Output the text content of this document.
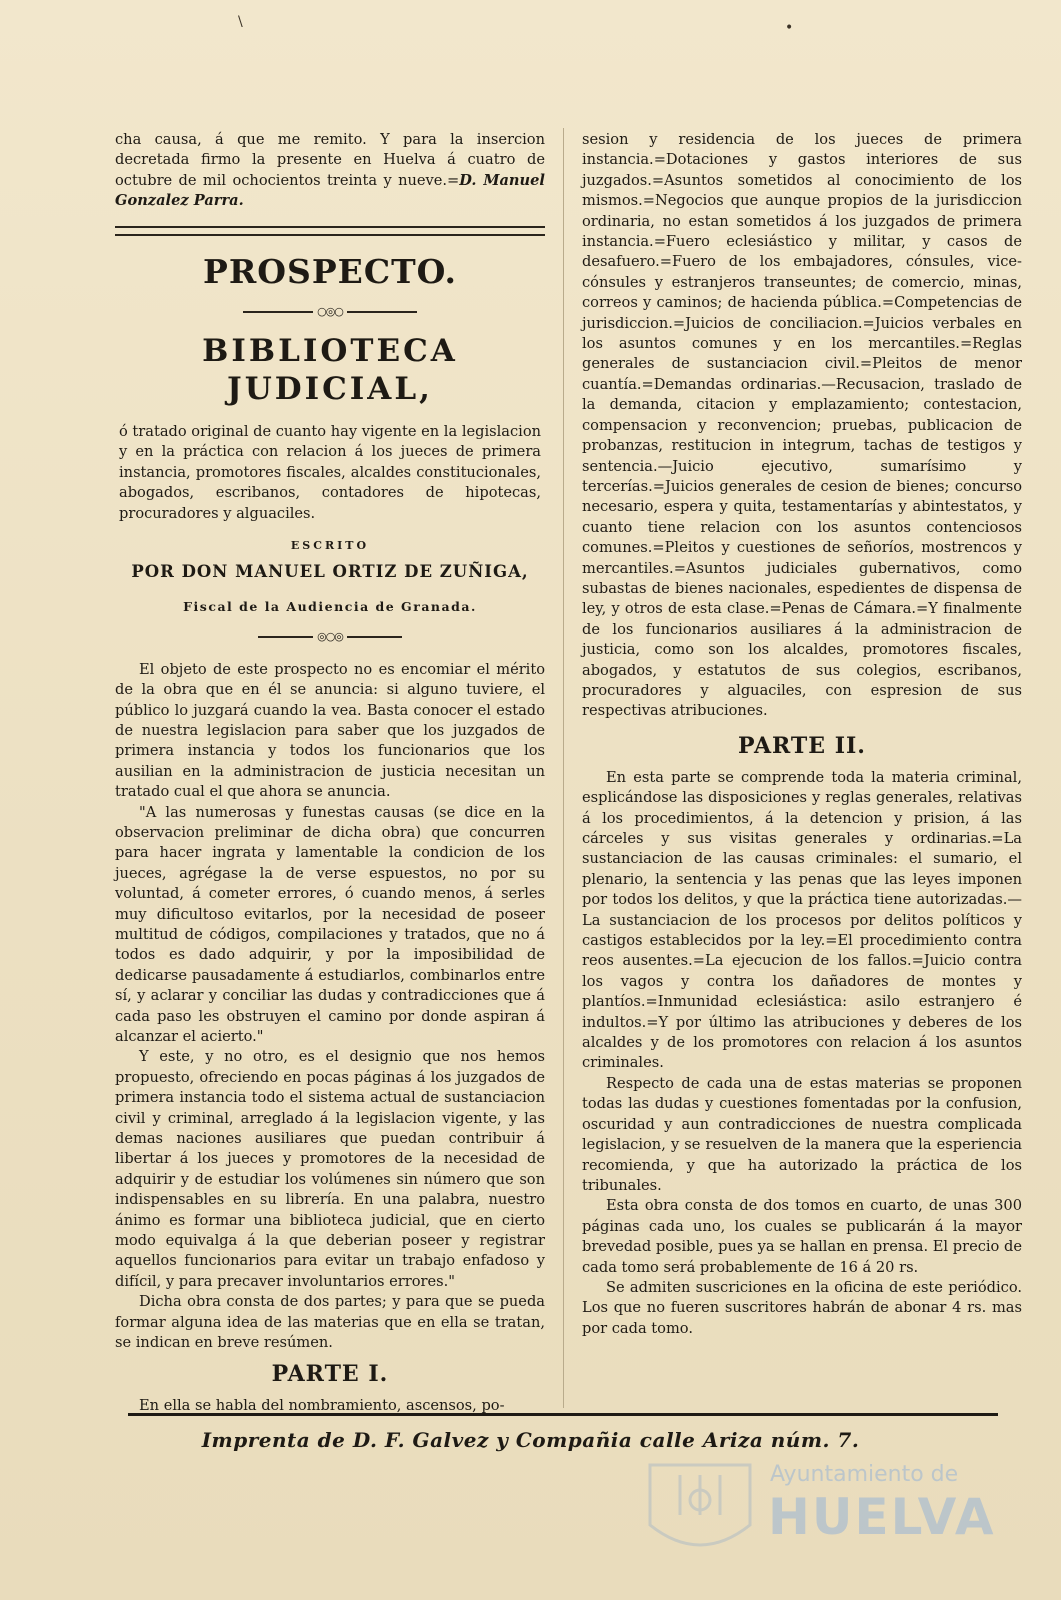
\	•

cha causa, á que me remito. Y para la insercion decretada firmo la presente en Huelva á cuatro de octubre de mil ochocientos treinta y nueve.=D. Manuel Gonzalez Parra.

PROSPECTO.
○◎○
BIBLIOTECA JUDICIAL,

ó tratado original de cuanto hay vigente en la legislacion y en la práctica con relacion á los jueces de primera instancia, promotores fiscales, alcaldes constitucionales, abogados, escribanos, contadores de hipotecas, procuradores y alguaciles.

ESCRITO
POR DON MANUEL ORTIZ DE ZUÑIGA,
Fiscal de la Audiencia de Granada.
◎○◎

El objeto de este prospecto no es encomiar el mérito de la obra que en él se anuncia: si alguno tuviere, el público lo juzgará cuando la vea. Basta conocer el estado de nuestra legislacion para saber que los juzgados de primera instancia y todos los funcionarios que los ausilian en la administracion de justicia necesitan un tratado cual el que ahora se anuncia.

"A las numerosas y funestas causas (se dice en la observacion preliminar de dicha obra) que concurren para hacer ingrata y lamentable la condicion de los jueces, agrégase la de verse espuestos, no por su voluntad, á cometer errores, ó cuando menos, á serles muy dificultoso evitarlos, por la necesidad de poseer multitud de códigos, compilaciones y tratados, que no á todos es dado adquirir, y por la imposibilidad de dedicarse pausadamente á estudiarlos, combinarlos entre sí, y aclarar y conciliar las dudas y contradicciones que á cada paso les obstruyen el camino por donde aspiran á alcanzar el acierto."

Y este, y no otro, es el designio que nos hemos propuesto, ofreciendo en pocas páginas á los juzgados de primera instancia todo el sistema actual de sustanciacion civil y criminal, arreglado á la legislacion vigente, y las demas naciones ausiliares que puedan contribuir á libertar á los jueces y promotores de la necesidad de adquirir y de estudiar los volúmenes sin número que son indispensables en su librería. En una palabra, nuestro ánimo es formar una biblioteca judicial, que en cierto modo equivalga á la que deberian poseer y registrar aquellos funcionarios para evitar un trabajo enfadoso y difícil, y para precaver involuntarios errores."

Dicha obra consta de dos partes; y para que se pueda formar alguna idea de las materias que en ella se tratan, se indican en breve resúmen.

PARTE I.

En ella se habla del nombramiento, ascensos, po-

sesion y residencia de los jueces de primera instancia.=Dotaciones y gastos interiores de sus juzgados.=Asuntos sometidos al conocimiento de los mismos.=Negocios que aunque propios de la jurisdiccion ordinaria, no estan sometidos á los juzgados de primera instancia.=Fuero eclesiástico y militar, y casos de desafuero.=Fuero de los embajadores, cónsules, vice-cónsules y estranjeros transeuntes; de comercio, minas, correos y caminos; de hacienda pública.=Competencias de jurisdiccion.=Juicios de conciliacion.=Juicios verbales en los asuntos comunes y en los mercantiles.=Reglas generales de sustanciacion civil.=Pleitos de menor cuantía.=Demandas ordinarias.—Recusacion, traslado de la demanda, citacion y emplazamiento; contestacion, compensacion y reconvencion; pruebas, publicacion de probanzas, restitucion in integrum, tachas de testigos y sentencia.—Juicio ejecutivo, sumarísimo y tercerías.=Juicios generales de cesion de bienes; concurso necesario, espera y quita, testamentarías y abintestatos, y cuanto tiene relacion con los asuntos contenciosos comunes.=Pleitos y cuestiones de señoríos, mostrencos y mercantiles.=Asuntos judiciales gubernativos, como subastas de bienes nacionales, espedientes de dispensa de ley, y otros de esta clase.=Penas de Cámara.=Y finalmente de los funcionarios ausiliares á la administracion de justicia, como son los alcaldes, promotores fiscales, abogados, y estatutos de sus colegios, escribanos, procuradores y alguaciles, con espresion de sus respectivas atribuciones.

PARTE II.

En esta parte se comprende toda la materia criminal, esplicándose las disposiciones y reglas generales, relativas á los procedimientos, á la detencion y prision, á las cárceles y sus visitas generales y ordinarias.=La sustanciacion de las causas criminales: el sumario, el plenario, la sentencia y las penas que las leyes imponen por todos los delitos, y que la práctica tiene autorizadas.—La sustanciacion de los procesos por delitos políticos y castigos establecidos por la ley.=El procedimiento contra reos ausentes.=La ejecucion de los fallos.=Juicio contra los vagos y contra los dañadores de montes y plantíos.=Inmunidad eclesiástica: asilo estranjero é indultos.=Y por último las atribuciones y deberes de los alcaldes y de los promotores con relacion á los asuntos criminales.

Respecto de cada una de estas materias se proponen todas las dudas y cuestiones fomentadas por la confusion, oscuridad y aun contradicciones de nuestra complicada legislacion, y se resuelven de la manera que la esperiencia recomienda, y que ha autorizado la práctica de los tribunales.

Esta obra consta de dos tomos en cuarto, de unas 300 páginas cada uno, los cuales se publicarán á la mayor brevedad posible, pues ya se hallan en prensa. El precio de cada tomo será probablemente de 16 á 20 rs.

Se admiten suscriciones en la oficina de este periódico. Los que no fueren suscritores habrán de abonar 4 rs. mas por cada tomo.

Imprenta de D. F. Galvez y Compañia calle Ariza núm. 7.
Ayuntamiento de
HUELVA
